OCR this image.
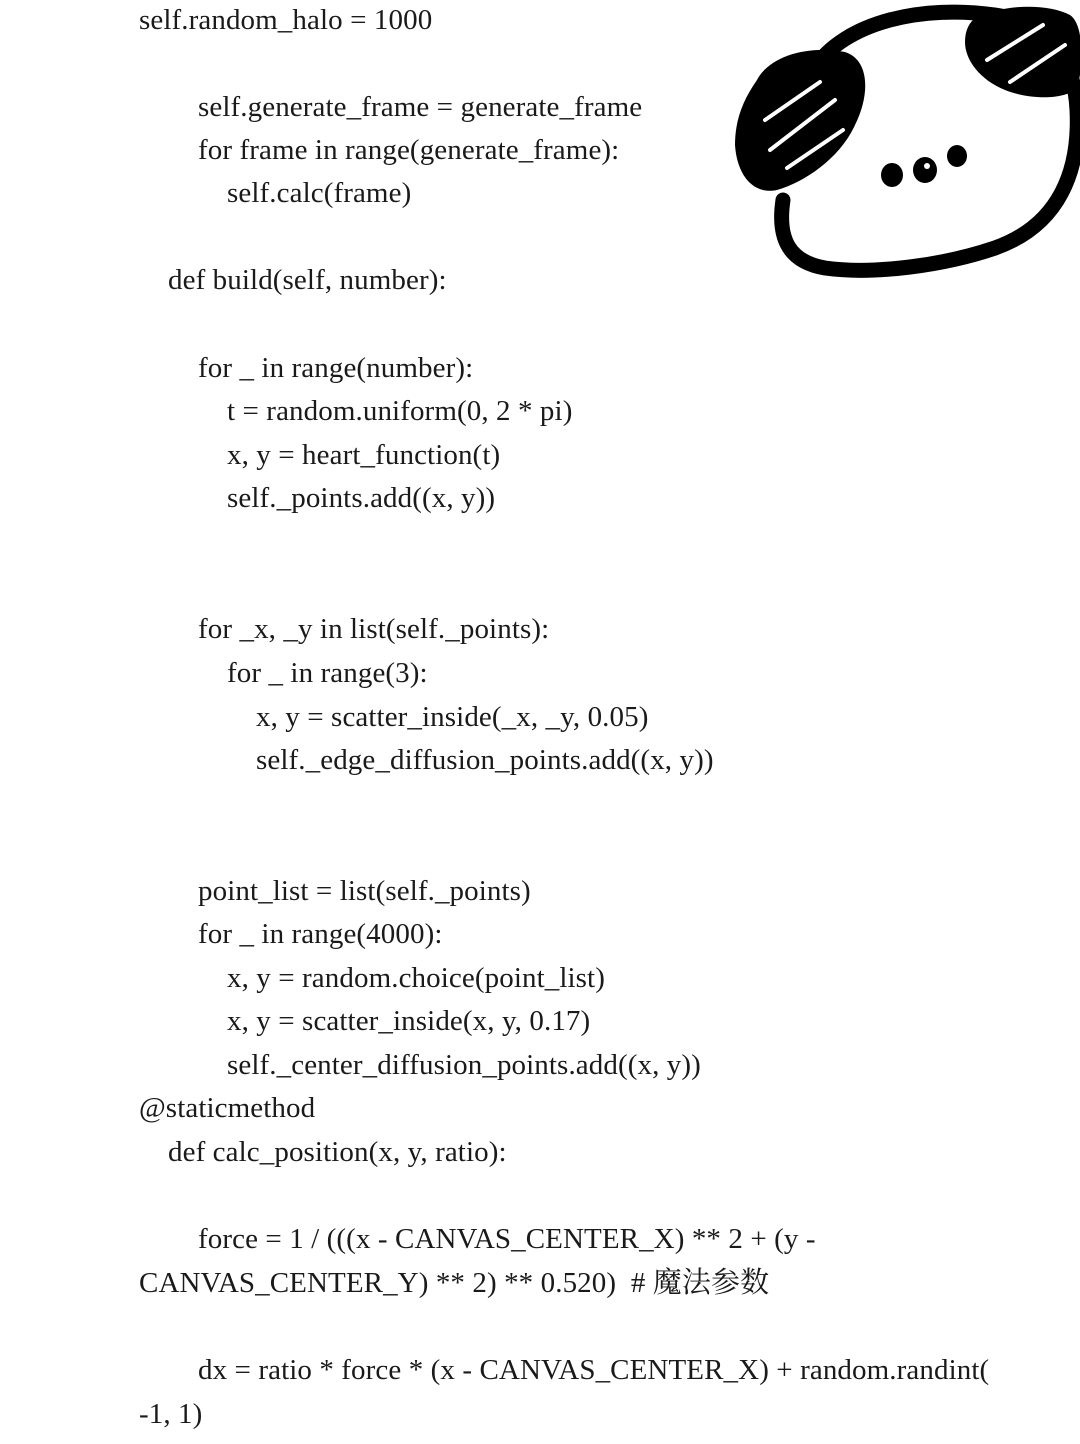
self.random_halo = 1000
self.generate_frame = generate_frame
for frame in range(generate_frame):
self.calc(frame)
def build(self, number):
for _ in range(number):
t = random.uniform(0, 2 * pi)
x, y = heart_function(t)
self._points.add((x, y))
for _x, _y in list(self._points):
for _ in range(3):
x, y = scatter_inside(_x, _y, 0.05)
self._edge_diffusion_points.add((x, y))
point_list = list(self._points)
for _ in range(4000):
x, y = random.choice(point_list)
x, y = scatter_inside(x, y, 0.17)
self._center_diffusion_points.add((x, y))
@staticmethod
def calc_position(x, y, ratio):
force = 1 / (((x - CANVAS_CENTER_X) ** 2 + (y -
CANVAS_CENTER_Y) ** 2) ** 0.520)  # 魔法参数
dx = ratio * force * (x - CANVAS_CENTER_X) + random.randint(
-1, 1)
